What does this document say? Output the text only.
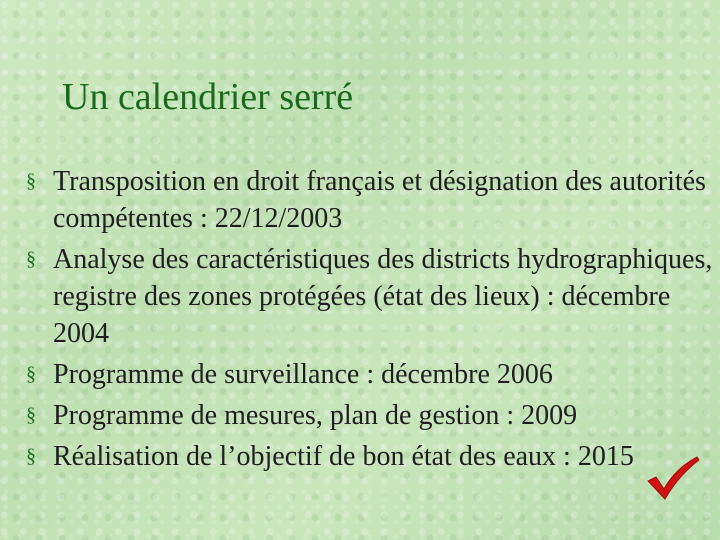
Un calendrier serré
§ Transposition en droit français et désignation des autorités compétentes : 22/12/2003
§ Analyse des caractéristiques des districts hydrographiques, registre des zones protégées (état des lieux) : décembre 2004
§ Programme de surveillance : décembre 2006
§ Programme de mesures, plan de gestion : 2009
§ Réalisation de l’objectif de bon état des eaux : 2015
